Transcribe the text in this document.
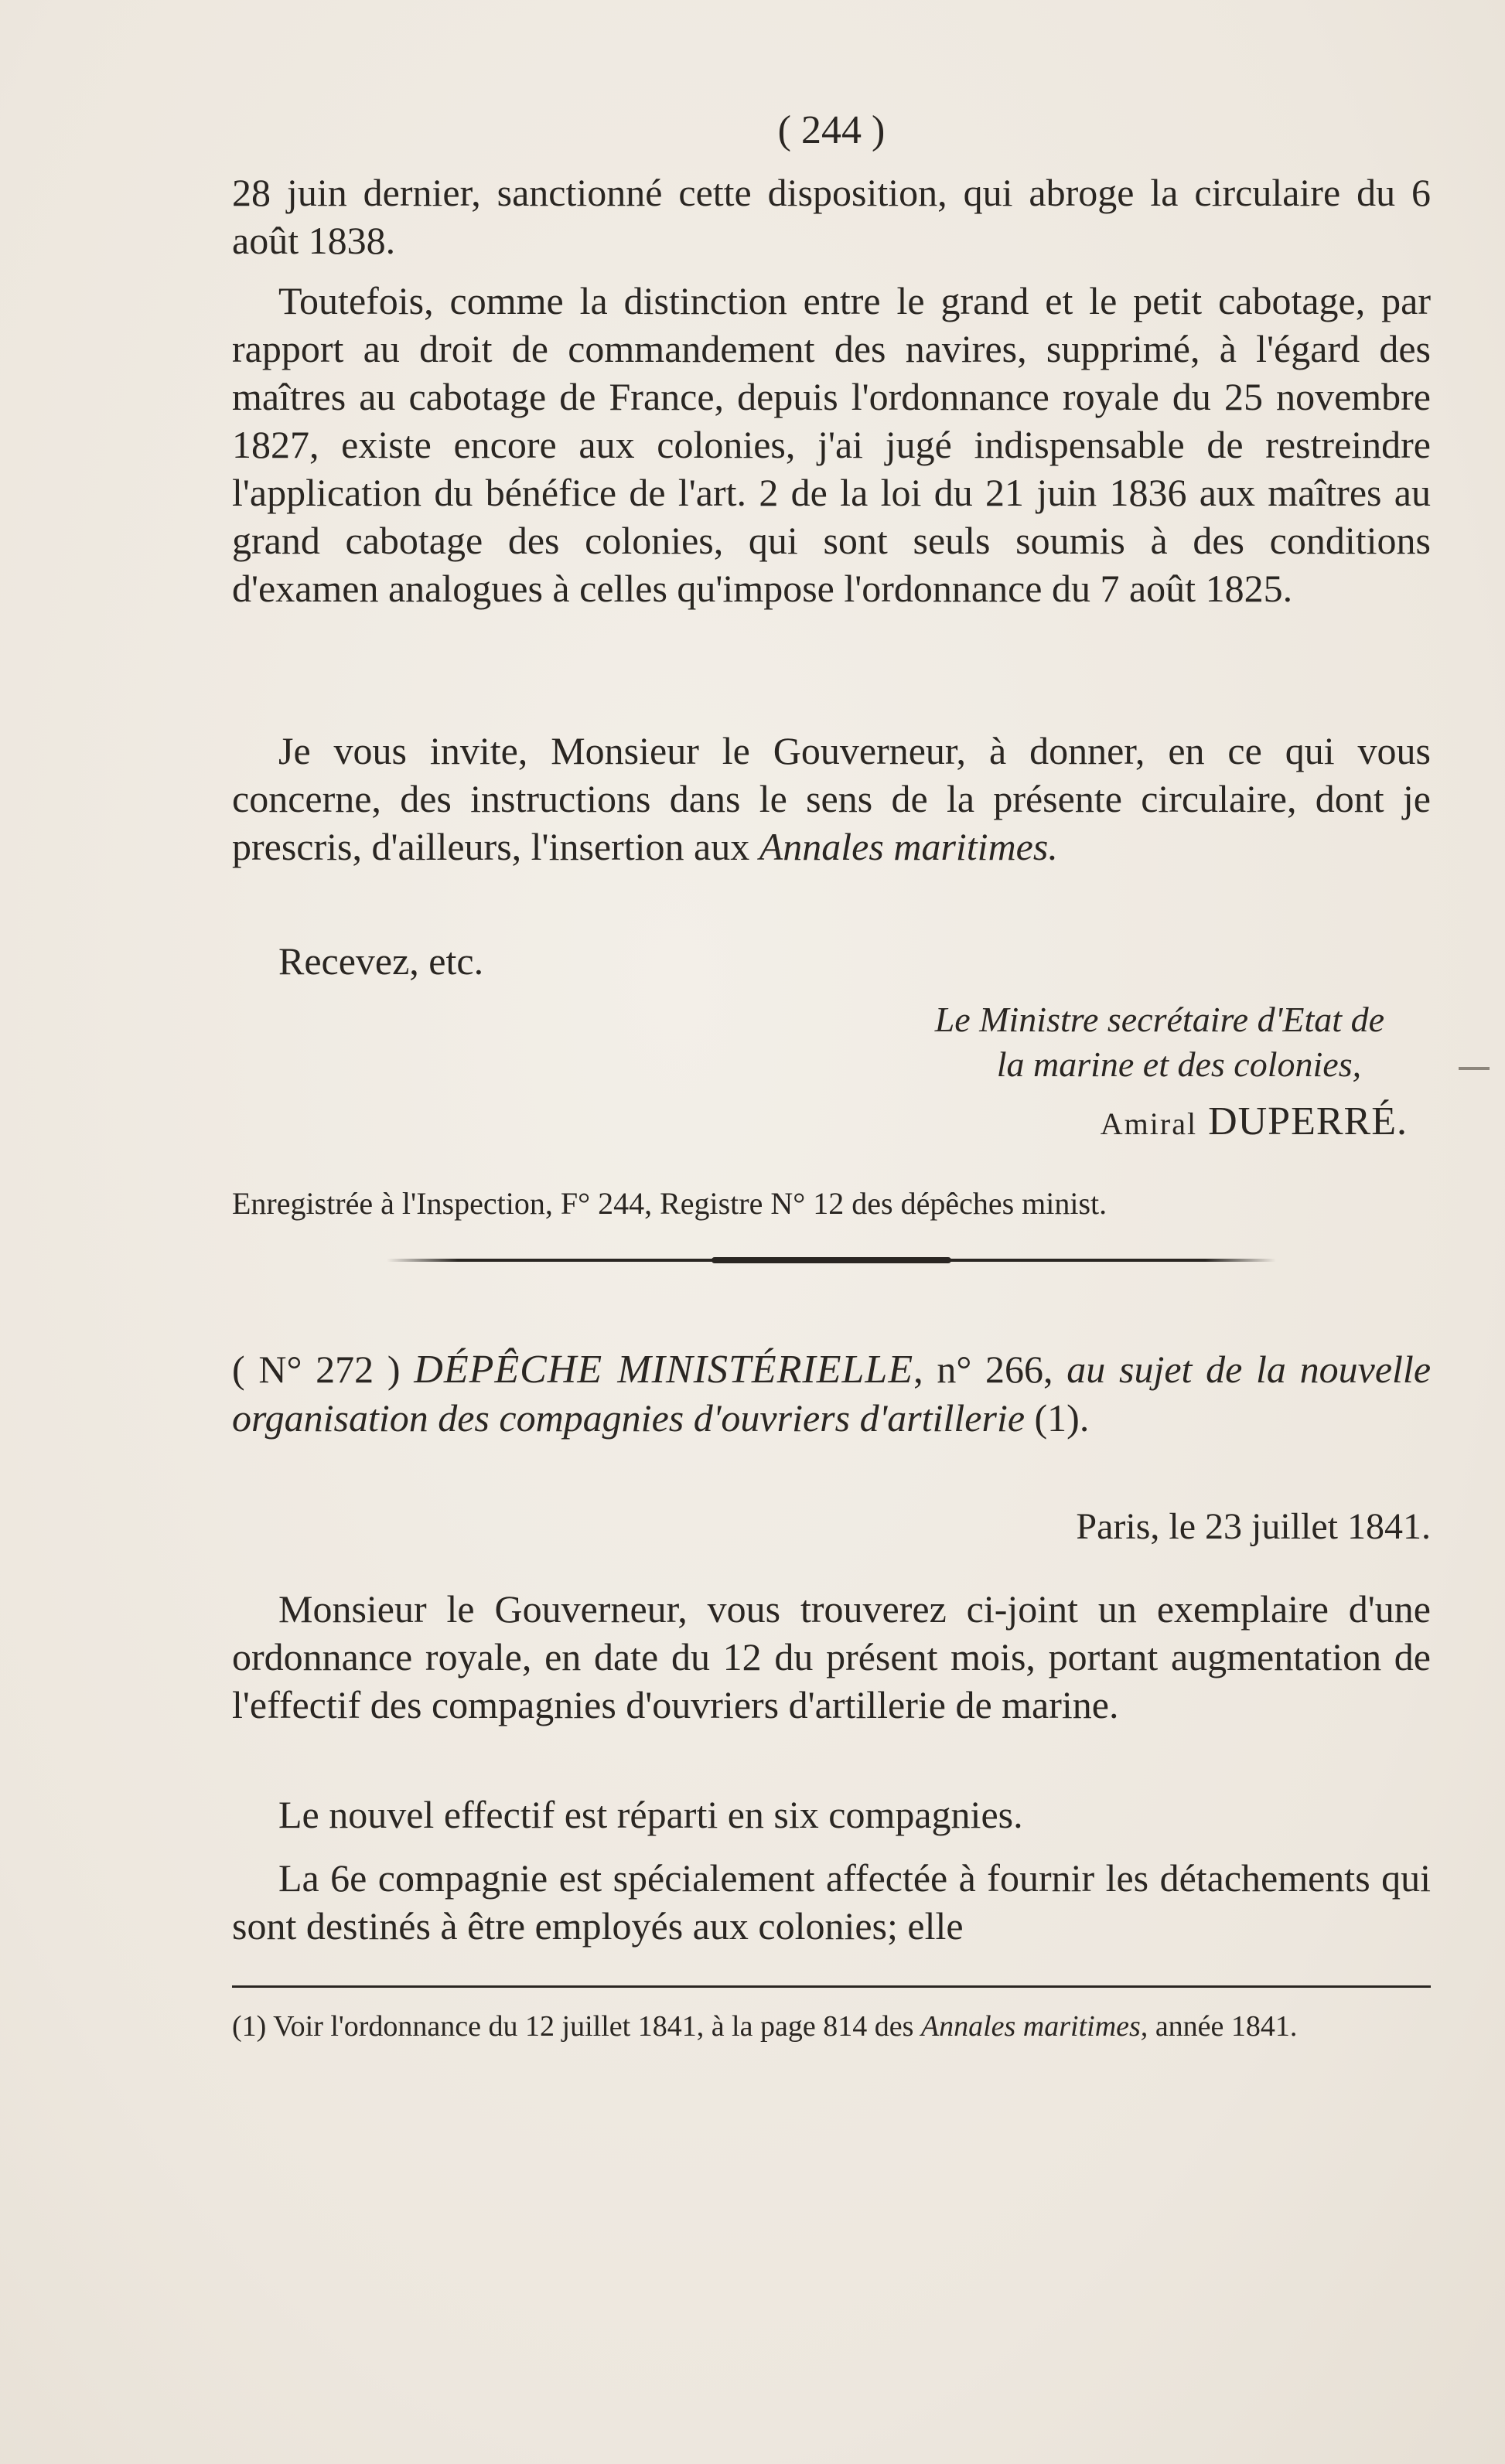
( 244 )

28 juin dernier, sanctionné cette disposition, qui abroge la circulaire du 6 août 1838.

Toutefois, comme la distinction entre le grand et le petit cabotage, par rapport au droit de commandement des navires, supprimé, à l'égard des maîtres au cabotage de France, depuis l'ordonnance royale du 25 novembre 1827, existe encore aux colonies, j'ai jugé indispensable de restreindre l'application du bénéfice de l'art. 2 de la loi du 21 juin 1836 aux maîtres au grand cabotage des colonies, qui sont seuls soumis à des conditions d'examen analogues à celles qu'impose l'ordonnance du 7 août 1825.

Je vous invite, Monsieur le Gouverneur, à donner, en ce qui vous concerne, des instructions dans le sens de la présente circulaire, dont je prescris, d'ailleurs, l'insertion aux Annales maritimes.

Recevez, etc.

Le Ministre secrétaire d'Etat de
la marine et des colonies,
Amiral DUPERRÉ.
Enregistrée à l'Inspection, F° 244, Registre N° 12 des dépêches minist.
( N° 272 ) DÉPÊCHE MINISTÉRIELLE, n° 266, au sujet de la nouvelle organisation des compagnies d'ouvriers d'artillerie (1).
Paris, le 23 juillet 1841.

Monsieur le Gouverneur, vous trouverez ci-joint un exemplaire d'une ordonnance royale, en date du 12 du présent mois, portant augmentation de l'effectif des compagnies d'ouvriers d'artillerie de marine.

Le nouvel effectif est réparti en six compagnies.

La 6e compagnie est spécialement affectée à fournir les détachements qui sont destinés à être employés aux colonies; elle

(1) Voir l'ordonnance du 12 juillet 1841, à la page 814 des Annales maritimes, année 1841.
